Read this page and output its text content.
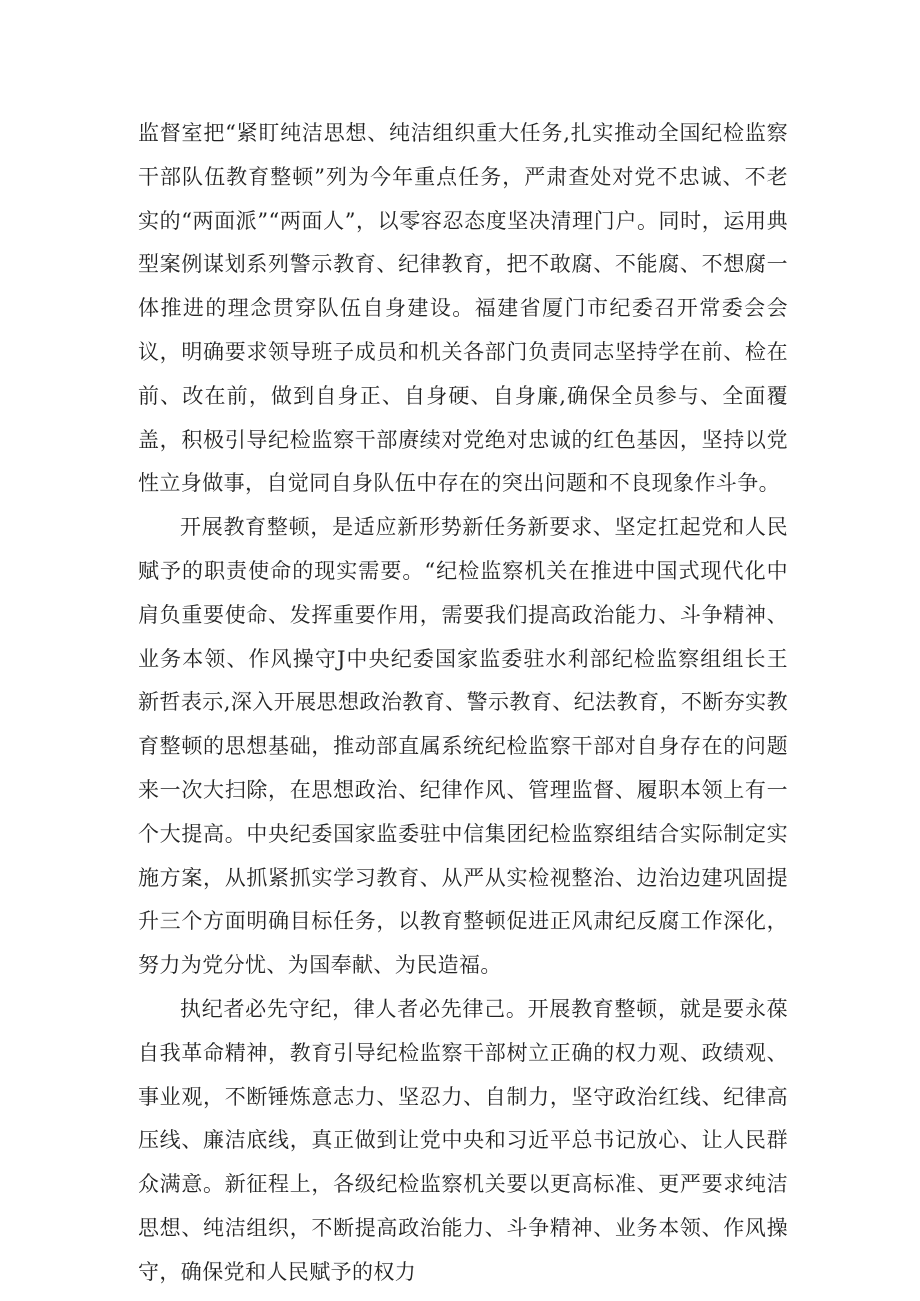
监督室把“紧盯纯洁思想、纯洁组织重大任务,扎实推动全国纪检监察干部队伍教育整顿”列为今年重点任务，严肃查处对党不忠诚、不老实的“两面派”“两面人”，以零容忍态度坚决清理门户。同时，运用典型案例谋划系列警示教育、纪律教育，把不敢腐、不能腐、不想腐一体推进的理念贯穿队伍自身建设。福建省厦门市纪委召开常委会会议，明确要求领导班子成员和机关各部门负责同志坚持学在前、检在前、改在前，做到自身正、自身硬、自身廉,确保全员参与、全面覆盖，积极引导纪检监察干部赓续对党绝对忠诚的红色基因，坚持以党性立身做事，自觉同自身队伍中存在的突出问题和不良现象作斗争。

开展教育整顿，是适应新形势新任务新要求、坚定扛起党和人民赋予的职责使命的现实需要。“纪检监察机关在推进中国式现代化中肩负重要使命、发挥重要作用，需要我们提高政治能力、斗争精神、业务本领、作风操守J中央纪委国家监委驻水利部纪检监察组组长王新哲表示,深入开展思想政治教育、警示教育、纪法教育，不断夯实教育整顿的思想基础，推动部直属系统纪检监察干部对自身存在的问题来一次大扫除，在思想政治、纪律作风、管理监督、履职本领上有一个大提高。中央纪委国家监委驻中信集团纪检监察组结合实际制定实施方案，从抓紧抓实学习教育、从严从实检视整治、边治边建巩固提升三个方面明确目标任务，以教育整顿促进正风肃纪反腐工作深化，努力为党分忧、为国奉献、为民造福。

执纪者必先守纪，律人者必先律己。开展教育整顿，就是要永葆自我革命精神，教育引导纪检监察干部树立正确的权力观、政绩观、事业观，不断锤炼意志力、坚忍力、自制力，坚守政治红线、纪律高压线、廉洁底线，真正做到让党中央和习近平总书记放心、让人民群众满意。新征程上，各级纪检监察机关要以更高标准、更严要求纯洁思想、纯洁组织，不断提高政治能力、斗争精神、业务本领、作风操守，确保党和人民赋予的权力
